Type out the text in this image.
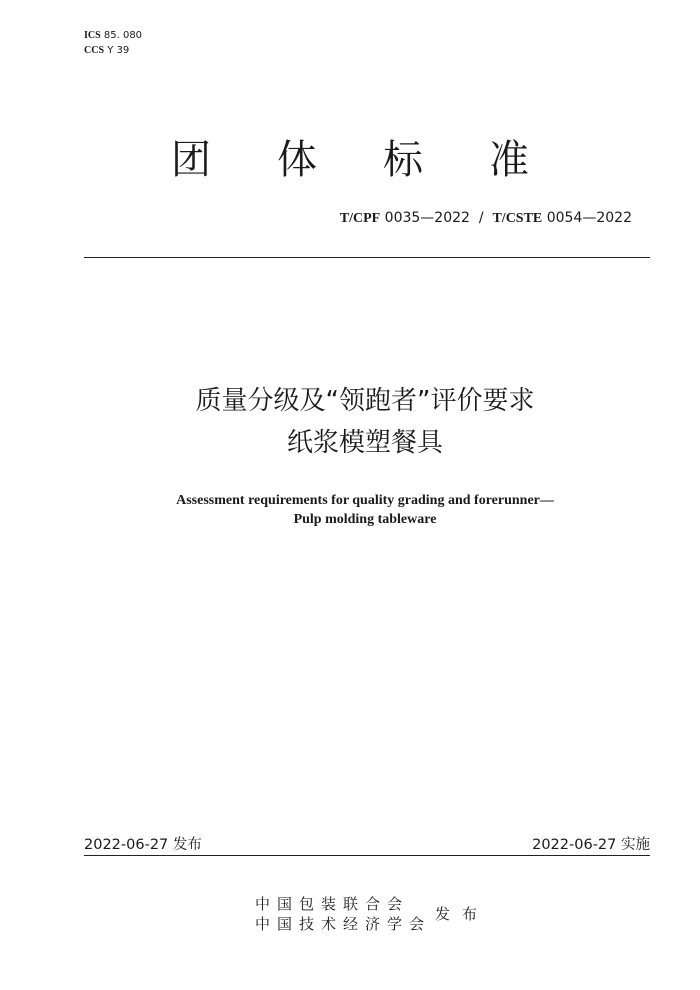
ICS 85. 080
CCS Y 39
团 体 标 准
T/CPF 0035—2022 / T/CSTE 0054—2022
质量分级及“领跑者”评价要求
纸浆模塑餐具
Assessment requirements for quality grading and forerunner—
Pulp molding tableware
2022-06-27 发布	2022-06-27 实施
中国包装联合会
中国技术经济学会
发布
